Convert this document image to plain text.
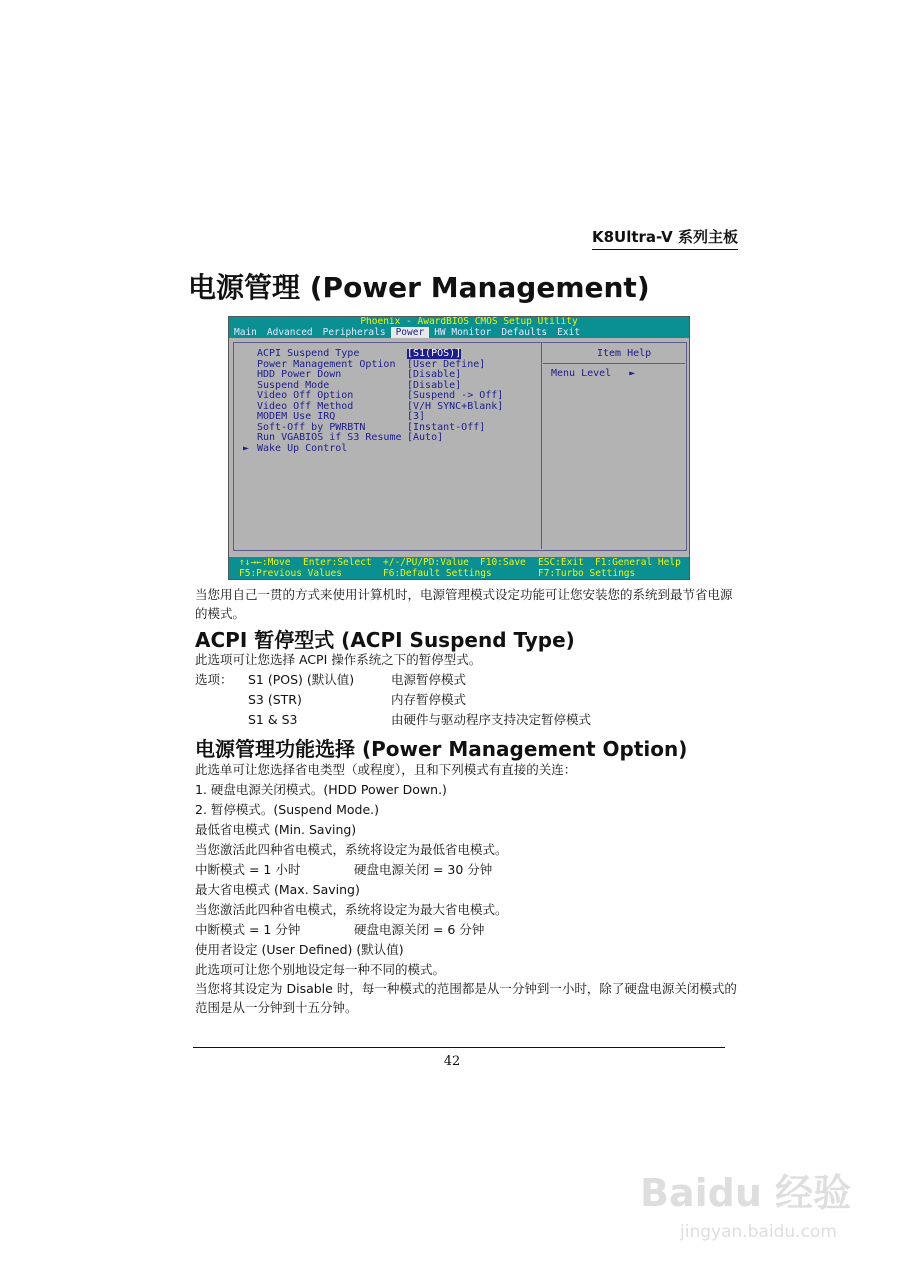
K8Ultra-V 系列主板
电源管理 (Power Management)
Phoenix - AwardBIOS CMOS Setup Utility
Main	Advanced	Peripherals	Power	HW Monitor	Defaults	Exit
Item Help
Menu Level   ►
ACPI Suspend Type	[S1(POS)]
Power Management Option [User Define]
HDD Power Down	[Disable]
Suspend Mode	[Disable]
Video Off Option	[Suspend -> Off]
Video Off Method	[V/H SYNC+Blank]
MODEM Use IRQ	[3]
Soft-Off by PWRBTN	[Instant-Off]
Run VGABIOS if S3 Resume [Auto]
► Wake Up Control
↑↓→←:Move Enter:Select +/-/PU/PD:Value F10:Save ESC:Exit F1:General Help
F5:Previous Values	F6:Default Settings	F7:Turbo Settings
当您用自己一贯的方式来使用计算机时，电源管理模式设定功能可让您安装您的系统到最节省电源的模式。
ACPI 暂停型式 (ACPI Suspend Type)
此选项可让您选择 ACPI 操作系统之下的暂停型式。
选项： S1 (POS) (默认值)	电源暂停模式
S3 (STR)	内存暂停模式
S1 & S3	由硬件与驱动程序支持决定暂停模式
电源管理功能选择 (Power Management Option)
此选单可让您选择省电类型（或程度），且和下列模式有直接的关连：
1. 硬盘电源关闭模式。(HDD Power Down.)
2. 暂停模式。(Suspend Mode.)
最低省电模式 (Min. Saving)
当您激活此四种省电模式，系统将设定为最低省电模式。
中断模式 = 1 小时	硬盘电源关闭 = 30 分钟
最大省电模式 (Max. Saving)
当您激活此四种省电模式，系统将设定为最大省电模式。
中断模式 = 1 分钟	硬盘电源关闭 = 6 分钟
使用者设定 (User Defined) (默认值)
此选项可让您个别地设定每一种不同的模式。
当您将其设定为 Disable 时，每一种模式的范围都是从一分钟到一小时，除了硬盘电源关闭模式的范围是从一分钟到十五分钟。
42
Baidu 经验
jingyan.baidu.com
